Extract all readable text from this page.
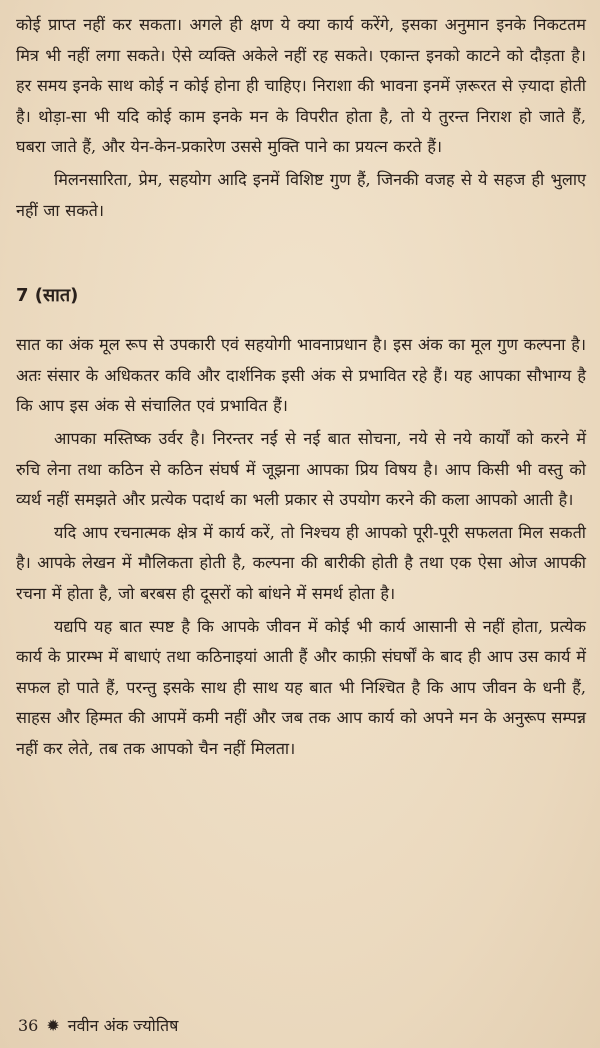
कोई प्राप्त नहीं कर सकता। अगले ही क्षण ये क्या कार्य करेंगे, इसका अनुमान इनके निकटतम मित्र भी नहीं लगा सकते। ऐसे व्यक्ति अकेले नहीं रह सकते। एकान्त इनको काटने को दौड़ता है। हर समय इनके साथ कोई न कोई होना ही चाहिए। निराशा की भावना इनमें ज़रूरत से ज़्यादा होती है। थोड़ा-सा भी यदि कोई काम इनके मन के विपरीत होता है, तो ये तुरन्त निराश हो जाते हैं, घबरा जाते हैं, और येन-केन-प्रकारेण उससे मुक्ति पाने का प्रयत्न करते हैं।

मिलनसारिता, प्रेम, सहयोग आदि इनमें विशिष्ट गुण हैं, जिनकी वजह से ये सहज ही भुलाए नहीं जा सकते।

7 (सात)

सात का अंक मूल रूप से उपकारी एवं सहयोगी भावनाप्रधान है। इस अंक का मूल गुण कल्पना है। अतः संसार के अधिकतर कवि और दार्शनिक इसी अंक से प्रभावित रहे हैं। यह आपका सौभाग्य है कि आप इस अंक से संचालित एवं प्रभावित हैं।

आपका मस्तिष्क उर्वर है। निरन्तर नई से नई बात सोचना, नये से नये कार्यों को करने में रुचि लेना तथा कठिन से कठिन संघर्ष में जूझना आपका प्रिय विषय है। आप किसी भी वस्तु को व्यर्थ नहीं समझते और प्रत्येक पदार्थ का भली प्रकार से उपयोग करने की कला आपको आती है।

यदि आप रचनात्मक क्षेत्र में कार्य करें, तो निश्चय ही आपको पूरी-पूरी सफलता मिल सकती है। आपके लेखन में मौलिकता होती है, कल्पना की बारीकी होती है तथा एक ऐसा ओज आपकी रचना में होता है, जो बरबस ही दूसरों को बांधने में समर्थ होता है।

यद्यपि यह बात स्पष्ट है कि आपके जीवन में कोई भी कार्य आसानी से नहीं होता, प्रत्येक कार्य के प्रारम्भ में बाधाएं तथा कठिनाइयां आती हैं और काफ़ी संघर्षों के बाद ही आप उस कार्य में सफल हो पाते हैं, परन्तु इसके साथ ही साथ यह बात भी निश्चित है कि आप जीवन के धनी हैं, साहस और हिम्मत की आपमें कमी नहीं और जब तक आप कार्य को अपने मन के अनुरूप सम्पन्न नहीं कर लेते, तब तक आपको चैन नहीं मिलता।

36 ✹ नवीन अंक ज्योतिष
